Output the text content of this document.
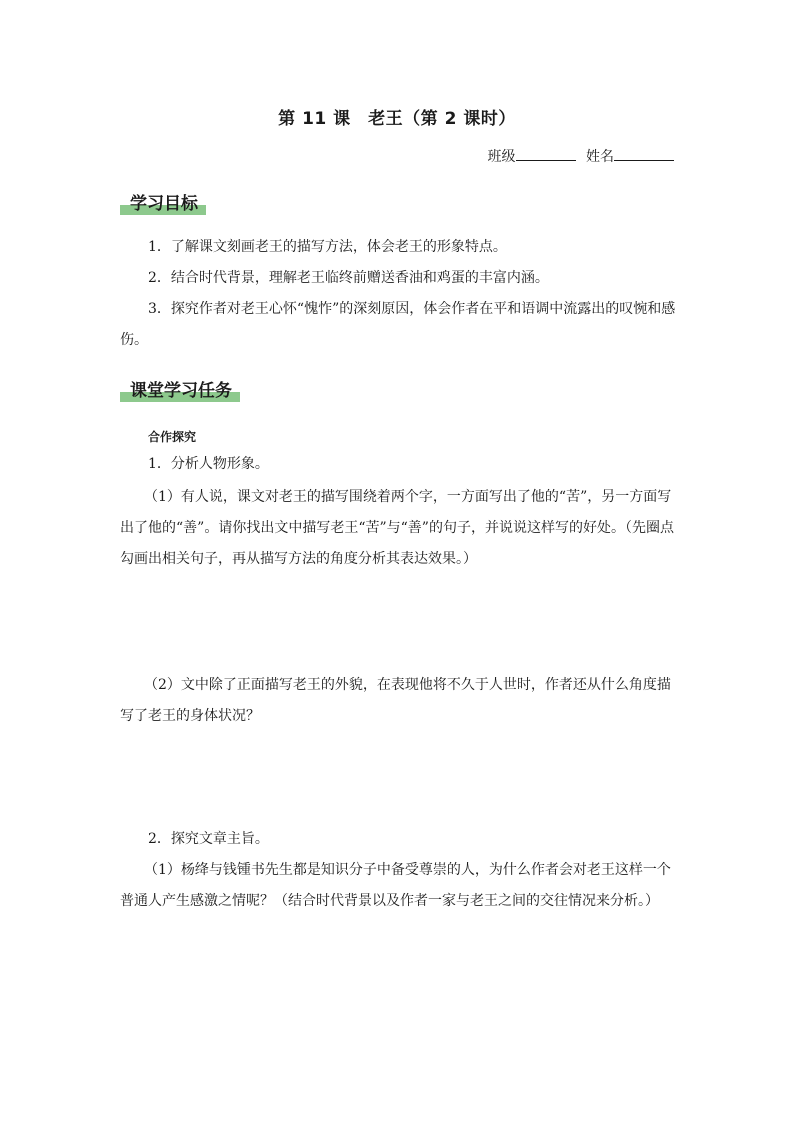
第 11 课　老王（第 2 课时）
班级	姓名
学习目标

1．了解课文刻画老王的描写方法，体会老王的形象特点。

2．结合时代背景，理解老王临终前赠送香油和鸡蛋的丰富内涵。

3．探究作者对老王心怀“愧怍”的深刻原因，体会作者在平和语调中流露出的叹惋和感伤。

课堂学习任务
合作探究

1．分析人物形象。

（1）有人说，课文对老王的描写围绕着两个字，一方面写出了他的“苦”，另一方面写出了他的“善”。请你找出文中描写老王“苦”与“善”的句子，并说说这样写的好处。（先圈点勾画出相关句子，再从描写方法的角度分析其表达效果。）

（2）文中除了正面描写老王的外貌，在表现他将不久于人世时，作者还从什么角度描写了老王的身体状况？

2．探究文章主旨。

（1）杨绛与钱锺书先生都是知识分子中备受尊崇的人，为什么作者会对老王这样一个普通人产生感激之情呢？（结合时代背景以及作者一家与老王之间的交往情况来分析。）
